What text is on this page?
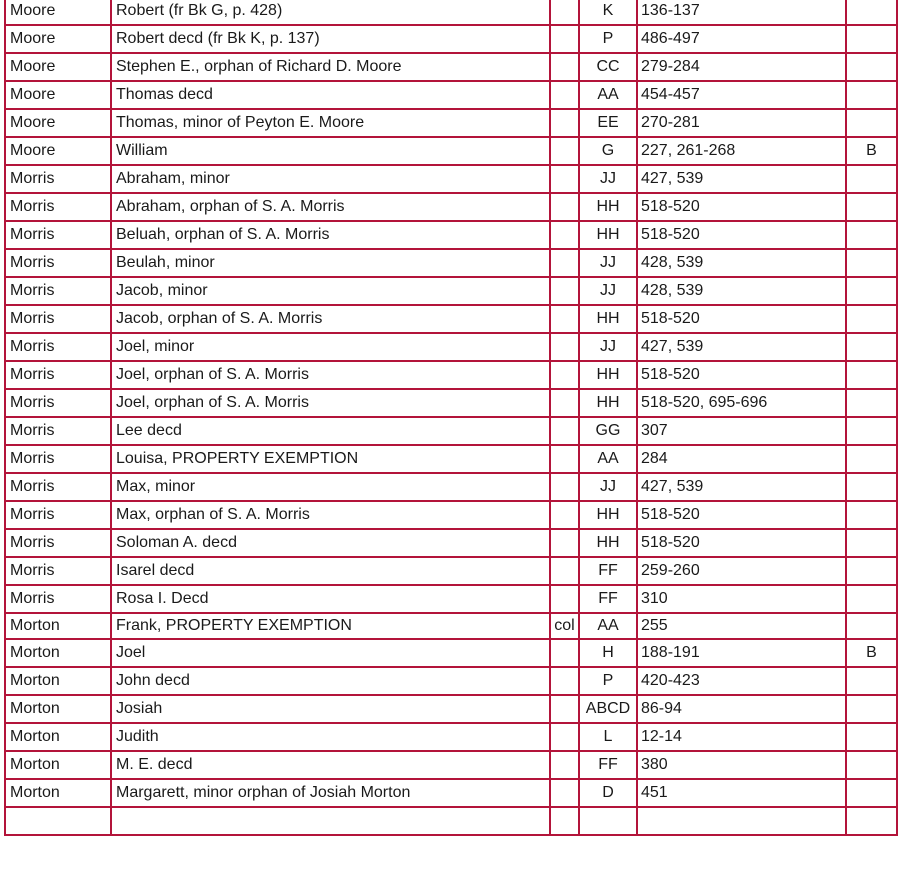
Moore	Robert (fr Bk G, p. 428)		K	136-137	
Moore	Robert decd (fr Bk K, p. 137)		P	486-497	
Moore	Stephen E., orphan of Richard D. Moore		CC	279-284	
Moore	Thomas decd		AA	454-457	
Moore	Thomas, minor of Peyton E. Moore		EE	270-281	
Moore	William		G	227, 261-268	B
Morris	Abraham, minor		JJ	427, 539	
Morris	Abraham, orphan of S. A. Morris		HH	518-520	
Morris	Beluah, orphan of S. A. Morris		HH	518-520	
Morris	Beulah, minor		JJ	428, 539	
Morris	Jacob, minor		JJ	428, 539	
Morris	Jacob, orphan of S. A. Morris		HH	518-520	
Morris	Joel, minor		JJ	427, 539	
Morris	Joel, orphan of S. A. Morris		HH	518-520	
Morris	Joel, orphan of S. A. Morris		HH	518-520, 695-696	
Morris	Lee decd		GG	307	
Morris	Louisa, PROPERTY EXEMPTION		AA	284	
Morris	Max, minor		JJ	427, 539	
Morris	Max, orphan of S. A. Morris		HH	518-520	
Morris	Soloman A. decd		HH	518-520	
Morris	Isarel decd		FF	259-260	
Morris	Rosa I. Decd		FF	310	
Morton	Frank, PROPERTY EXEMPTION	col	AA	255	
Morton	Joel		H	188-191	B
Morton	John decd		P	420-423	
Morton	Josiah		ABCD	86-94	
Morton	Judith		L	12-14	
Morton	M. E. decd		FF	380	
Morton	Margarett, minor orphan of Josiah Morton		D	451	
